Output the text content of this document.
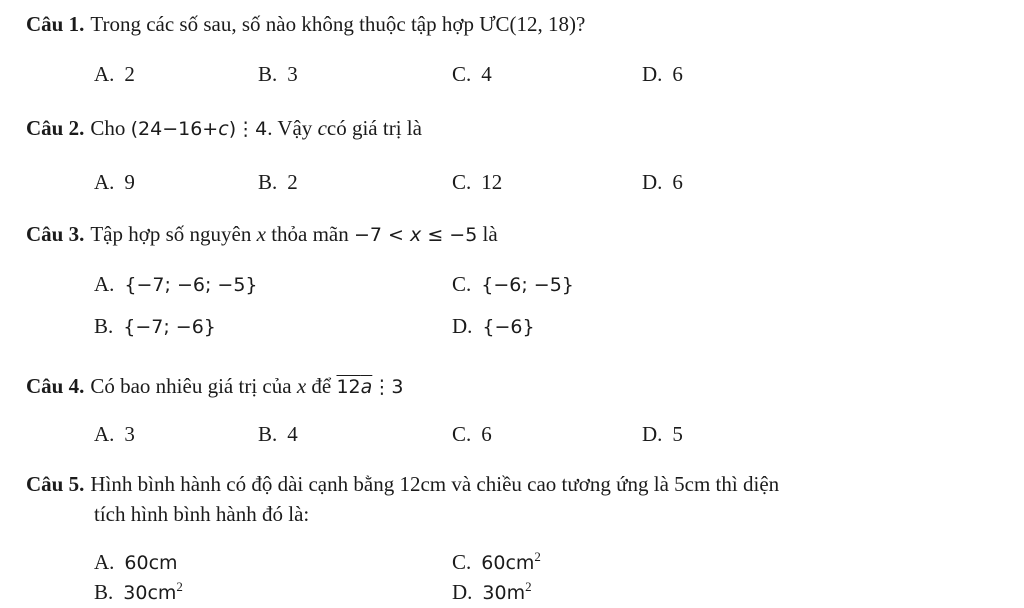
Câu 1. Trong các số sau, số nào không thuộc tập hợp ƯC(12, 18)?
A. 2	B. 3	C. 4	D. 6
Câu 2. Cho (24−16+c)⋮4. Vậy ccó giá trị là
A. 9	B. 2	C. 12	D. 6
Câu 3. Tập hợp số nguyên x thỏa mãn −7 < x ≤ −5 là
A. {−7; −6; −5}	C. {−6; −5}
B. {−7; −6}	D. {−6}
Câu 4. Có bao nhiêu giá trị của x để 12a⋮3
A. 3	B. 4	C. 6	D. 5
Câu 5. Hình bình hành có độ dài cạnh bằng 12cm và chiều cao tương ứng là 5cm thì diện
tích hình bình hành đó là:
A. 60cm	C. $60cm^2$
B. $30cm^2$	D. $30m^2$
